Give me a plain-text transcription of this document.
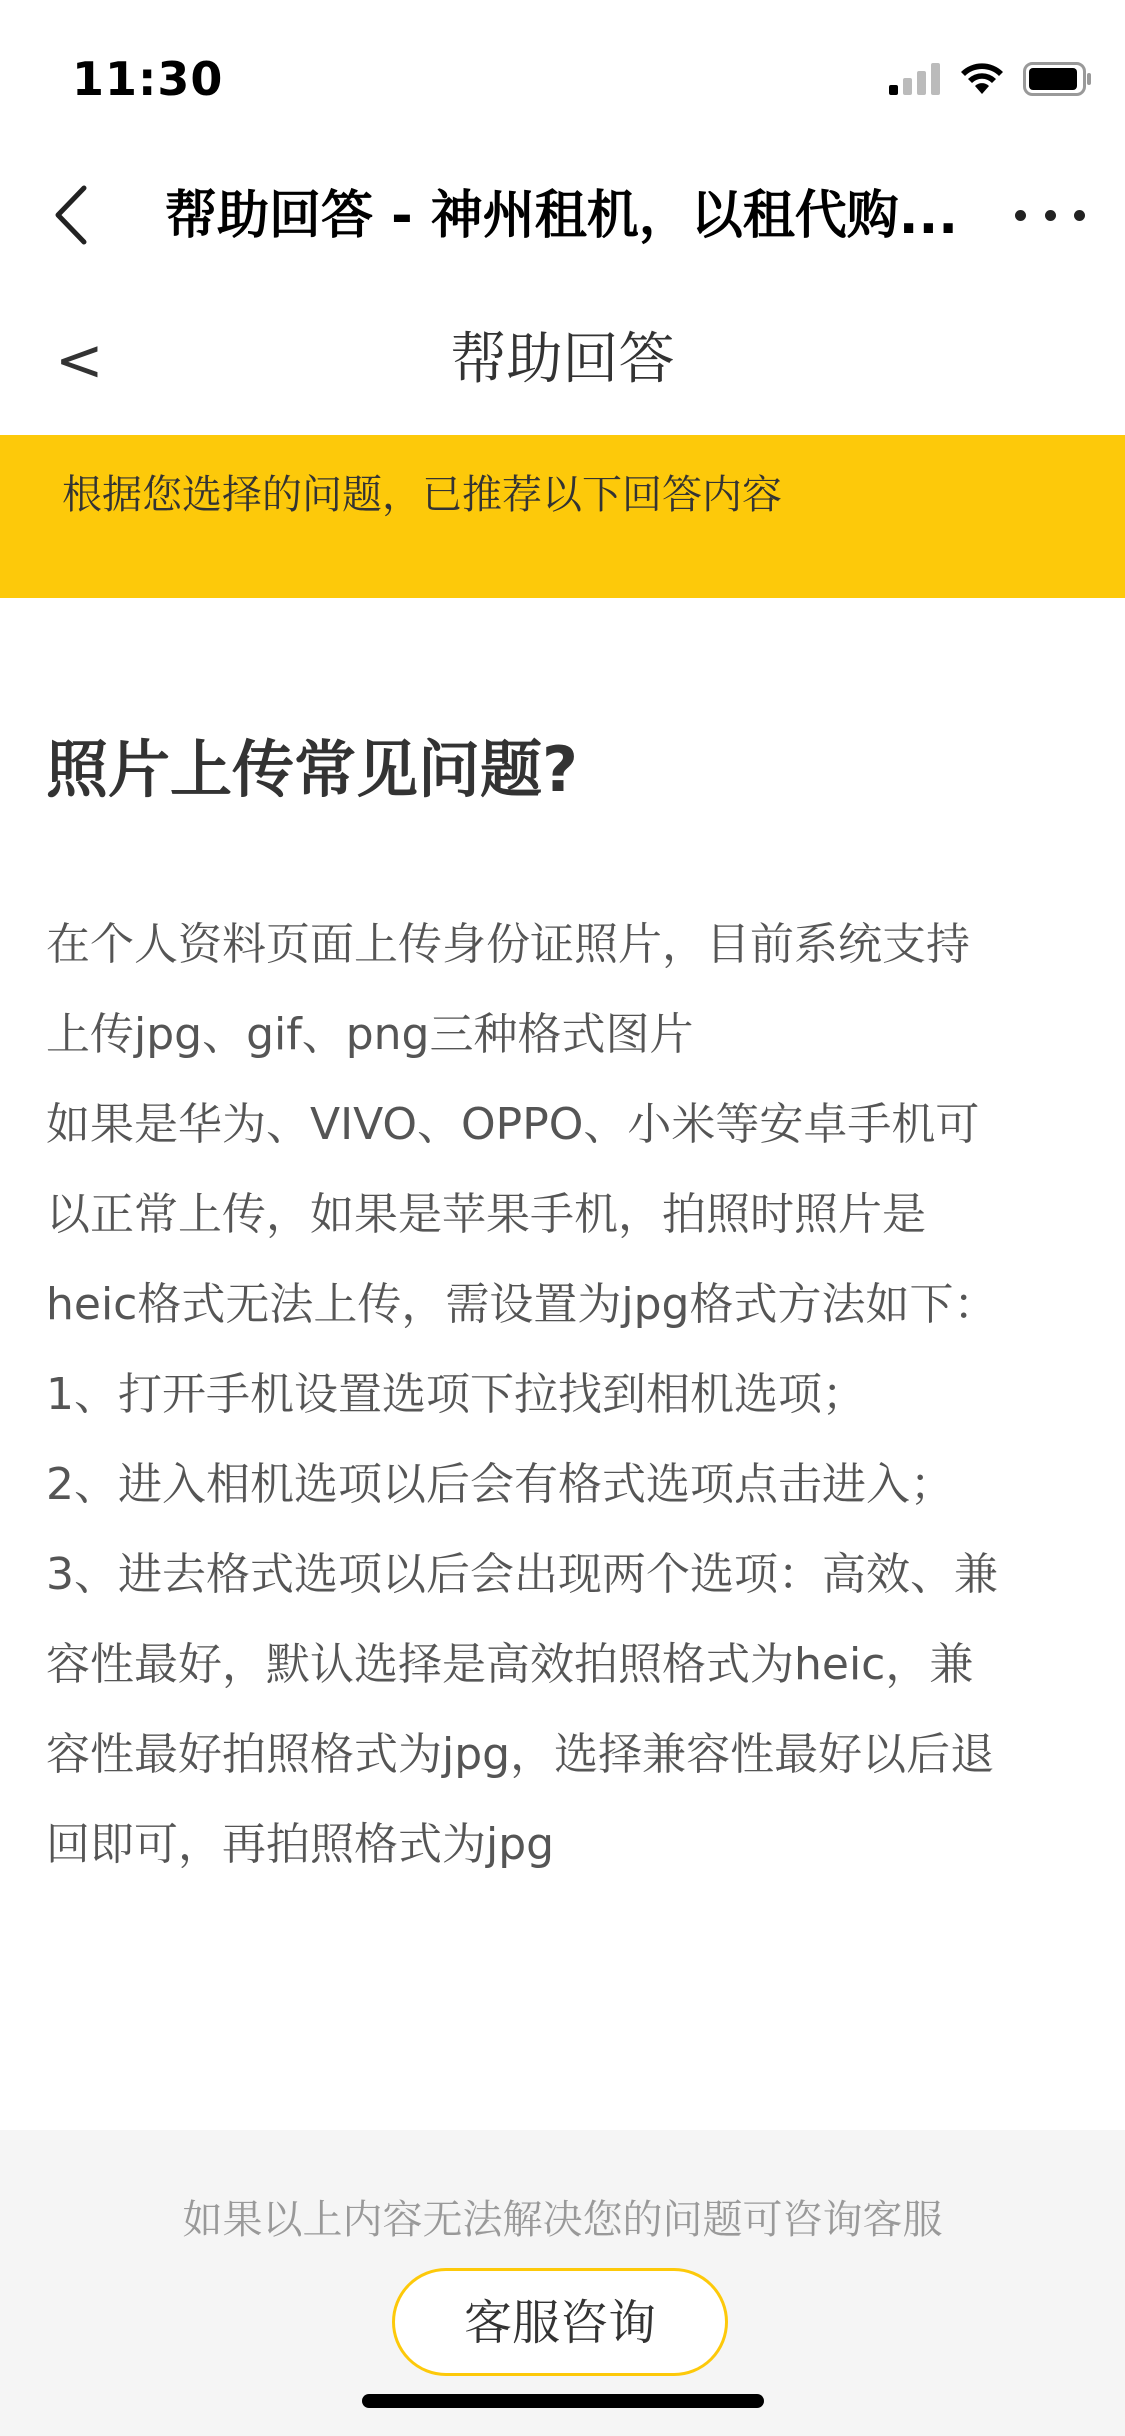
11:30
帮助回答 - 神州租机，以租代购...
帮助回答
<
根据您选择的问题，已推荐以下回答内容
照片上传常见问题?

在个人资料页面上传身份证照片，目前系统支持

上传jpg、gif、png三种格式图片

如果是华为、VIVO、OPPO、小米等安卓手机可

以正常上传，如果是苹果手机，拍照时照片是

heic格式无法上传，需设置为jpg格式方法如下：

1、打开手机设置选项下拉找到相机选项；

2、进入相机选项以后会有格式选项点击进入；

3、进去格式选项以后会出现两个选项：高效、兼

容性最好，默认选择是高效拍照格式为heic，兼

容性最好拍照格式为jpg，选择兼容性最好以后退

回即可，再拍照格式为jpg

如果以上内容无法解决您的问题可咨询客服
客服咨询
